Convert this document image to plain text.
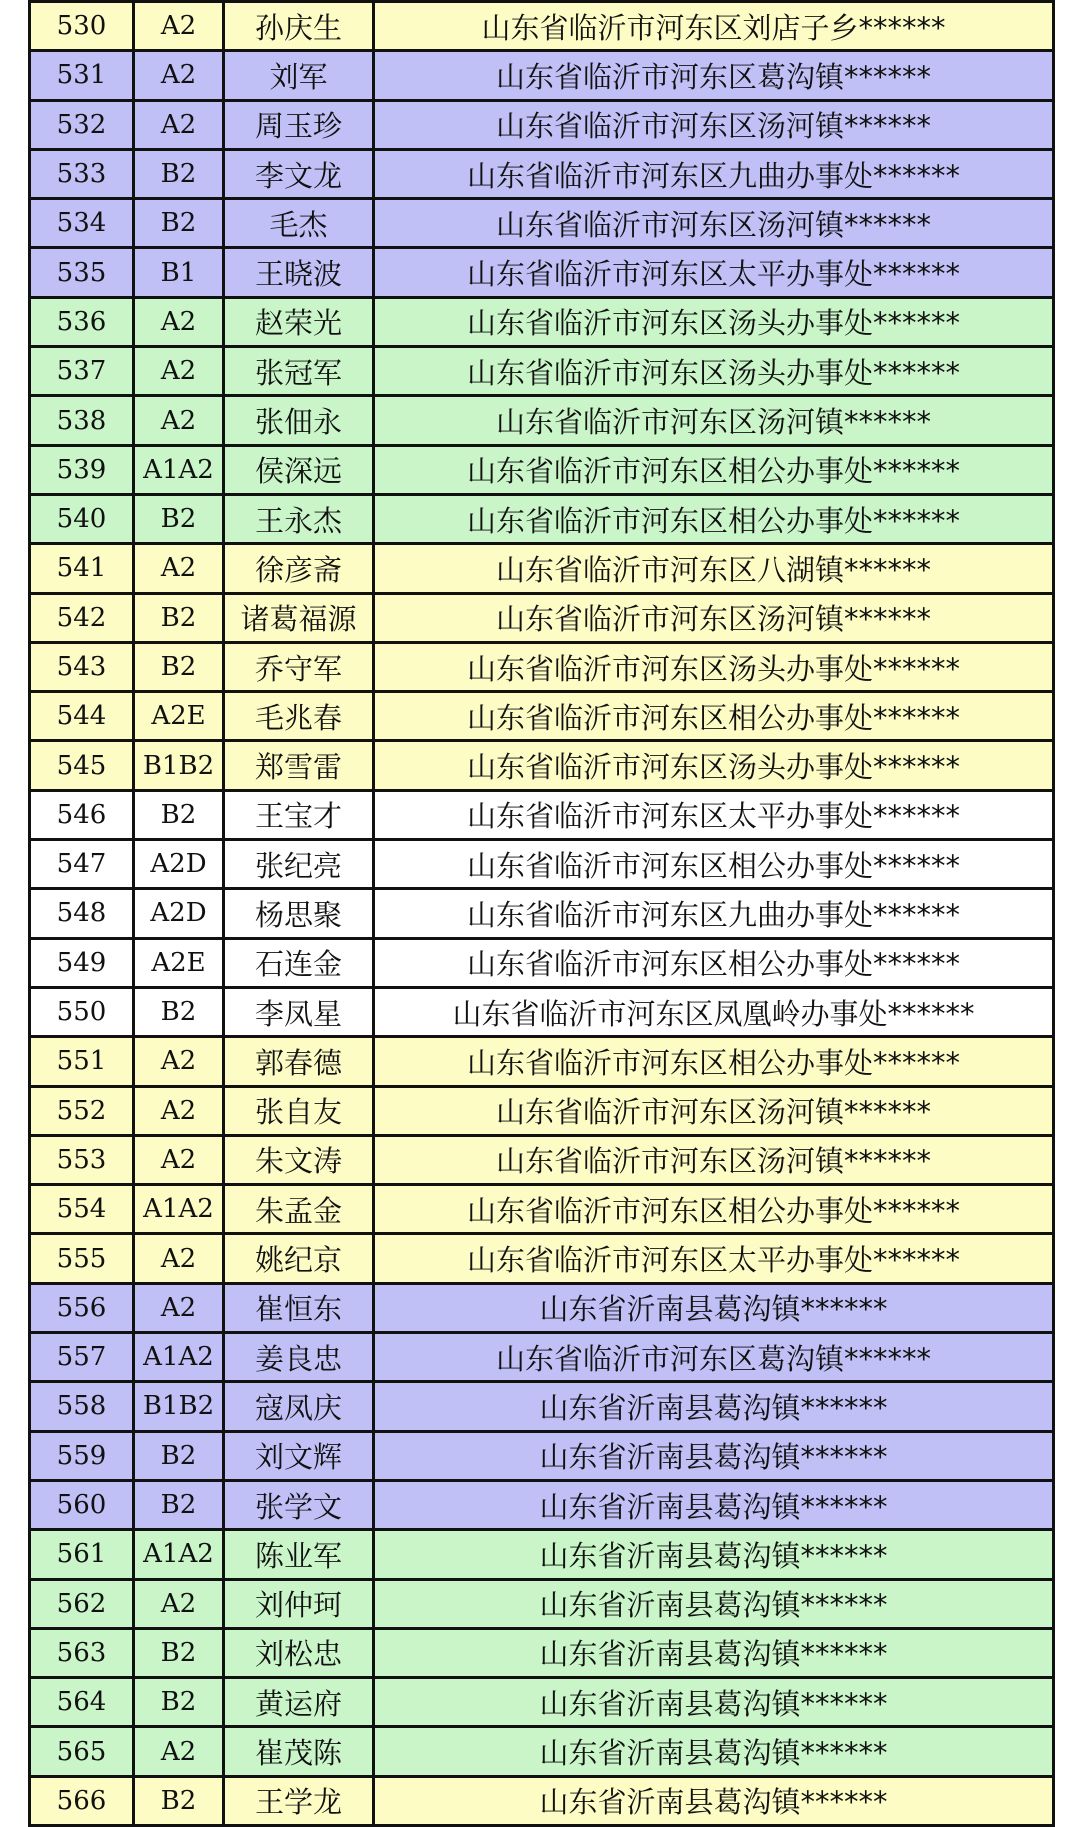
530	A2	孙庆生	山东省临沂市河东区刘店子乡******
531	A2	刘军	山东省临沂市河东区葛沟镇******
532	A2	周玉珍	山东省临沂市河东区汤河镇******
533	B2	李文龙	山东省临沂市河东区九曲办事处******
534	B2	毛杰	山东省临沂市河东区汤河镇******
535	B1	王晓波	山东省临沂市河东区太平办事处******
536	A2	赵荣光	山东省临沂市河东区汤头办事处******
537	A2	张冠军	山东省临沂市河东区汤头办事处******
538	A2	张佃永	山东省临沂市河东区汤河镇******
539	A1A2	侯深远	山东省临沂市河东区相公办事处******
540	B2	王永杰	山东省临沂市河东区相公办事处******
541	A2	徐彦斋	山东省临沂市河东区八湖镇******
542	B2	诸葛福源	山东省临沂市河东区汤河镇******
543	B2	乔守军	山东省临沂市河东区汤头办事处******
544	A2E	毛兆春	山东省临沂市河东区相公办事处******
545	B1B2	郑雪雷	山东省临沂市河东区汤头办事处******
546	B2	王宝才	山东省临沂市河东区太平办事处******
547	A2D	张纪亮	山东省临沂市河东区相公办事处******
548	A2D	杨思聚	山东省临沂市河东区九曲办事处******
549	A2E	石连金	山东省临沂市河东区相公办事处******
550	B2	李凤星	山东省临沂市河东区凤凰岭办事处******
551	A2	郭春德	山东省临沂市河东区相公办事处******
552	A2	张自友	山东省临沂市河东区汤河镇******
553	A2	朱文涛	山东省临沂市河东区汤河镇******
554	A1A2	朱孟金	山东省临沂市河东区相公办事处******
555	A2	姚纪京	山东省临沂市河东区太平办事处******
556	A2	崔恒东	山东省沂南县葛沟镇******
557	A1A2	姜良忠	山东省临沂市河东区葛沟镇******
558	B1B2	寇凤庆	山东省沂南县葛沟镇******
559	B2	刘文辉	山东省沂南县葛沟镇******
560	B2	张学文	山东省沂南县葛沟镇******
561	A1A2	陈业军	山东省沂南县葛沟镇******
562	A2	刘仲珂	山东省沂南县葛沟镇******
563	B2	刘松忠	山东省沂南县葛沟镇******
564	B2	黄运府	山东省沂南县葛沟镇******
565	A2	崔茂陈	山东省沂南县葛沟镇******
566	B2	王学龙	山东省沂南县葛沟镇******
